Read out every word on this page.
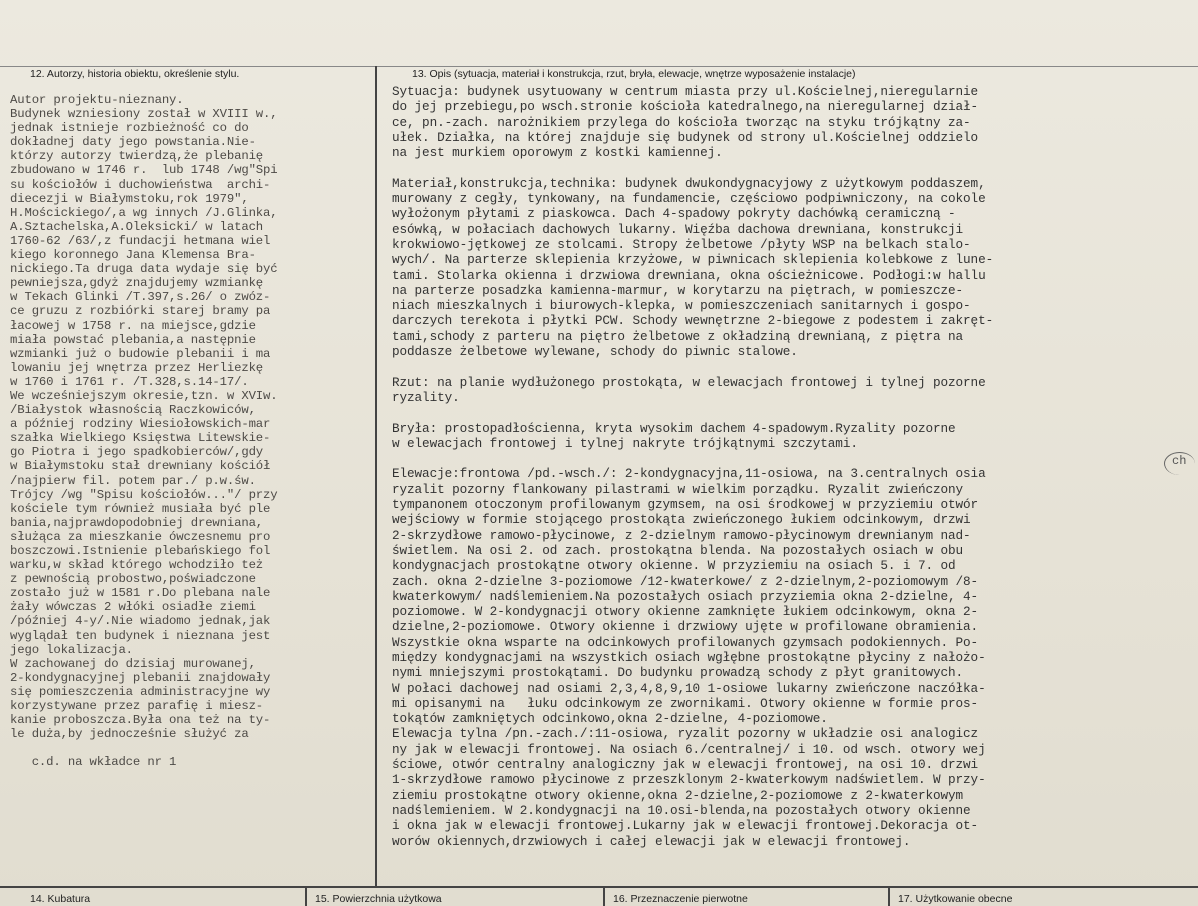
12. Autorzy, historia obiektu, określenie stylu.	13. Opis (sytuacja, materiał i konstrukcja, rzut, bryła, elewacje, wnętrze wyposażenie instalacje)
Autor projektu-nieznany.
Budynek wzniesiony został w XVIII w.,
jednak istnieje rozbieżność co do
dokładnej daty jego powstania.Nie-
którzy autorzy twierdzą,że plebanię
zbudowano w 1746 r.  lub 1748 /wg"Spi
su kościołów i duchowieństwa  archi-
diecezji w Białymstoku,rok 1979",
H.Mościckiego/,a wg innych /J.Glinka,
A.Sztachelska,A.Oleksicki/ w latach
1760-62 /63/,z fundacji hetmana wiel
kiego koronnego Jana Klemensa Bra-
nickiego.Ta druga data wydaje się być
pewniejsza,gdyż znajdujemy wzmiankę
w Tekach Glinki /T.397,s.26/ o zwóz-
ce gruzu z rozbiórki starej bramy pa
łacowej w 1758 r. na miejsce,gdzie
miała powstać plebania,a następnie
wzmianki już o budowie plebanii i ma
lowaniu jej wnętrza przez Herliezkę
w 1760 i 1761 r. /T.328,s.14-17/.
We wcześniejszym okresie,tzn. w XVIw.
/Białystok własnością Raczkowiców,
a później rodziny Wiesiołowskich-mar
szałka Wielkiego Księstwa Litewskie-
go Piotra i jego spadkobierców/,gdy
w Białymstoku stał drewniany kościół
/najpierw fil. potem par./ p.w.św.
Trójcy /wg "Spisu kościołów..."/ przy
kościele tym również musiała być ple
bania,najprawdopodobniej drewniana,
służąca za mieszkanie ówczesnemu pro
boszczowi.Istnienie plebańskiego fol
warku,w skład którego wchodziło też
z pewnością probostwo,poświadczone
zostało już w 1581 r.Do plebana nale
żały wówczas 2 włóki osiadłe ziemi
/później 4-y/.Nie wiadomo jednak,jak
wyglądał ten budynek i nieznana jest
jego lokalizacja.
W zachowanej do dzisiaj murowanej,
2-kondygnacyjnej plebanii znajdowały
się pomieszczenia administracyjne wy
korzystywane przez parafię i miesz-
kanie proboszcza.Była ona też na ty-
le duża,by jednocześnie służyć za

c.d. na wkładce nr 1
Sytuacja: budynek usytuowany w centrum miasta przy ul.Kościelnej,nieregularnie
do jej przebiegu,po wsch.stronie kościoła katedralnego,na nieregularnej dział-
ce, pn.-zach. narożnikiem przylega do kościoła tworząc na styku trójkątny za-
ułek. Działka, na której znajduje się budynek od strony ul.Kościelnej oddzielo
na jest murkiem oporowym z kostki kamiennej.

Materiał,konstrukcja,technika: budynek dwukondygnacyjowy z użytkowym poddaszem,
murowany z cegły, tynkowany, na fundamencie, częściowo podpiwniczony, na cokole
wyłożonym płytami z piaskowca. Dach 4-spadowy pokryty dachówką ceramiczną -
esówką, w połaciach dachowych lukarny. Więźba dachowa drewniana, konstrukcji
krokwiowo-jętkowej ze stolcami. Stropy żelbetowe /płyty WSP na belkach stalo-
wych/. Na parterze sklepienia krzyżowe, w piwnicach sklepienia kolebkowe z lune-
tami. Stolarka okienna i drzwiowa drewniana, okna ościeżnicowe. Podłogi:w hallu
na parterze posadzka kamienna-marmur, w korytarzu na piętrach, w pomieszcze-
niach mieszkalnych i biurowych-klepka, w pomieszczeniach sanitarnych i gospo-
darczych terekota i płytki PCW. Schody wewnętrzne 2-biegowe z podestem i zakręt-
tami,schody z parteru na piętro żelbetowe z okładziną drewnianą, z piętra na
poddasze żelbetowe wylewane, schody do piwnic stalowe.

Rzut: na planie wydłużonego prostokąta, w elewacjach frontowej i tylnej pozorne
ryzality.

Bryła: prostopadłościenna, kryta wysokim dachem 4-spadowym.Ryzality pozorne
w elewacjach frontowej i tylnej nakryte trójkątnymi szczytami.

Elewacje:frontowa /pd.-wsch./: 2-kondygnacyjna,11-osiowa, na 3.centralnych osia
ryzalit pozorny flankowany pilastrami w wielkim porządku. Ryzalit zwieńczony
tympanonem otoczonym profilowanym gzymsem, na osi środkowej w przyziemiu otwór
wejściowy w formie stojącego prostokąta zwieńczonego łukiem odcinkowym, drzwi
2-skrzydłowe ramowo-płycinowe, z 2-dzielnym ramowo-płycinowym drewnianym nad-
świetlem. Na osi 2. od zach. prostokątna blenda. Na pozostałych osiach w obu
kondygnacjach prostokątne otwory okienne. W przyziemiu na osiach 5. i 7. od
zach. okna 2-dzielne 3-poziomowe /12-kwaterkowe/ z 2-dzielnym,2-poziomowym /8-
kwaterkowym/ nadślemieniem.Na pozostałych osiach przyziemia okna 2-dzielne, 4-
poziomowe. W 2-kondygnacji otwory okienne zamknięte łukiem odcinkowym, okna 2-
dzielne,2-poziomowe. Otwory okienne i drzwiowy ujęte w profilowane obramienia.
Wszystkie okna wsparte na odcinkowych profilowanych gzymsach podokiennych. Po-
między kondygnacjami na wszystkich osiach wgłębne prostokątne płyciny z nałożo-
nymi mniejszymi prostokątami. Do budynku prowadzą schody z płyt granitowych.
W połaci dachowej nad osiami 2,3,4,8,9,10 1-osiowe lukarny zwieńczone naczółka-
mi opisanymi na   łuku odcinkowym ze zwornikami. Otwory okienne w formie pros-
tokątów zamkniętych odcinkowo,okna 2-dzielne, 4-poziomowe.
Elewacja tylna /pn.-zach./:11-osiowa, ryzalit pozorny w układzie osi analogicz
ny jak w elewacji frontowej. Na osiach 6./centralnej/ i 10. od wsch. otwory wej
ściowe, otwór centralny analogiczny jak w elewacji frontowej, na osi 10. drzwi
1-skrzydłowe ramowo płycinowe z przeszklonym 2-kwaterkowym nadświetlem. W przy-
ziemiu prostokątne otwory okienne,okna 2-dzielne,2-poziomowe z 2-kwaterkowym
nadślemieniem. W 2.kondygnacji na 10.osi-blenda,na pozostałych otwory okienne
i okna jak w elewacji frontowej.Lukarny jak w elewacji frontowej.Dekoracja ot-
worów okiennych,drzwiowych i całej elewacji jak w elewacji frontowej.
ch
14. Kubatura	15. Powierzchnia użytkowa	16. Przeznaczenie pierwotne	17. Użytkowanie obecne
